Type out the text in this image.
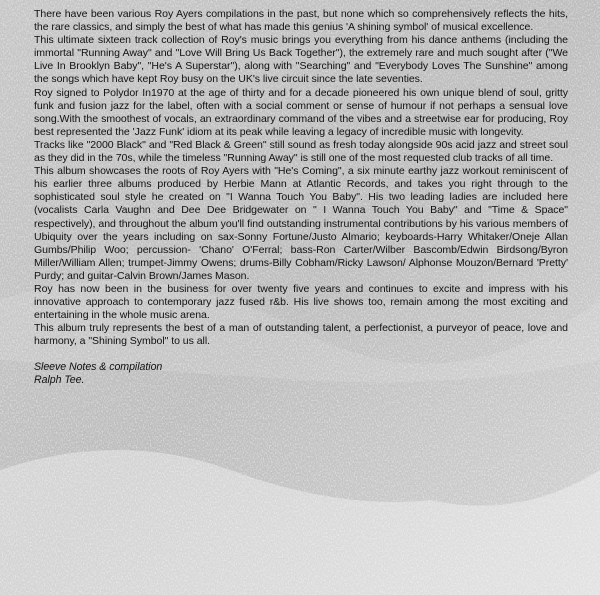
There have been various Roy Ayers compilations in the past, but none which so comprehensively reflects the hits, the rare classics, and simply the best of what has made this genius 'A shining symbol' of musical excellence.

This ultimate sixteen track collection of Roy's music brings you everything from his dance anthems (including the immortal "Running Away" and "Love Will Bring Us Back Together"), the extremely rare and much sought after ("We Live In Brooklyn Baby", "He's A Superstar"), along with "Searching" and "Everybody Loves The Sunshine" among the songs which have kept Roy busy on the UK's live circuit since the late seventies.

Roy signed to Polydor In1970 at the age of thirty and for a decade pioneered his own unique blend of soul, gritty funk and fusion jazz for the label, often with a social comment or sense of humour if not perhaps a sensual love song.With the smoothest of vocals, an extraordinary command of the vibes and a streetwise ear for producing, Roy best represented the 'Jazz Funk' idiom at its peak while leaving a legacy of incredible music with longevity.

Tracks like "2000 Black" and "Red Black & Green" still sound as fresh today alongside 90s acid jazz and street soul as they did in the 70s, while the timeless "Running Away" is still one of the most requested club tracks of all time.

This album showcases the roots of Roy Ayers with "He's Coming", a six minute earthy jazz workout reminiscent of his earlier three albums produced by Herbie Mann at Atlantic Records, and takes you right through to the sophisticated soul style he created on "I Wanna Touch You Baby". His two leading ladies are included here (vocalists Carla Vaughn and Dee Dee Bridgewater on " I Wanna Touch You Baby" and "Time & Space" respectively), and throughout the album you'll find outstanding instrumental contributions by his various members of Ubiquity over the years including on sax-Sonny Fortune/Justo Almario; keyboards-Harry Whitaker/Oneje Allan Gumbs/Philip Woo; percussion- 'Chano' O'Ferral; bass-Ron Carter/Wilber Bascomb/Edwin Birdsong/Byron Miller/William Allen; trumpet-Jimmy Owens; drums-Billy Cobham/Ricky Lawson/ Alphonse Mouzon/Bernard 'Pretty' Purdy; and guitar-Calvin Brown/James Mason.

Roy has now been in the business for over twenty five years and continues to excite and impress with his innovative approach to contemporary jazz fused r&b. His live shows too, remain among the most exciting and entertaining in the whole music arena.

This album truly represents the best of a man of outstanding talent, a perfectionist, a purveyor of peace, love and harmony, a "Shining Symbol" to us all.

Sleeve Notes & compilation
Ralph Tee.
